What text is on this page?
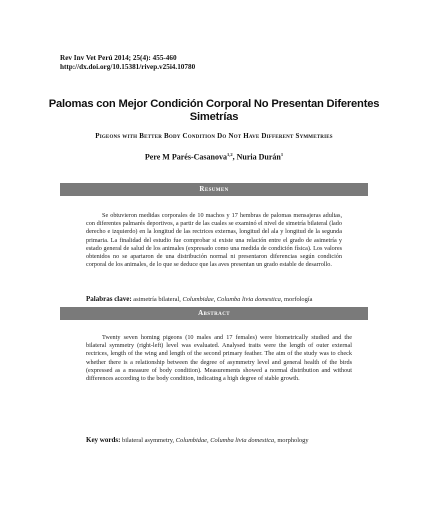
Rev Inv Vet Perú 2014; 25(4): 455-460
http://dx.doi.org/10.15381/rivep.v25i4.10780
Palomas con Mejor Condición Corporal No Presentan Diferentes Simetrías
Pigeons with Better Body Condition Do Not Have Different Symmetries
Pere M Parés-Casanova$^{1,2}$, Nuria Durán$^1$
Resumen
Se obtuvieron medidas corporales de 10 machos y 17 hembras de palomas mensajeras adultas, con diferentes palmarés deportivos, a partir de las cuales se examinó el nivel de simetría bilateral (lado derecho e izquierdo) en la longitud de las rectrices externas, longitud del ala y longitud de la segunda primaria. La finalidad del estudio fue comprobar si existe una relación entre el grado de asimetría y estado general de salud de los animales (expresado como una medida de condición física). Los valores obtenidos no se apartaron de una distribución normal ni presentaron diferencias según condición corporal de los animales, de lo que se deduce que las aves presentan un grado estable de desarrollo.
Palabras clave: asimetría bilateral, Columbidae, Columba livia domestica, morfología
Abstract
Twenty seven homing pigeons (10 males and 17 females) were biometrically studied and the bilateral symmetry (right-left) level was evaluated. Analysed traits were the length of outer external rectrices, length of the wing and length of the second primary feather. The aim of the study was to check whether there is a relationship between the degree of asymmetry level and general health of the birds (expressed as a measure of body condition). Measurements showed a normal distribution and without differences according to the body condition, indicating a high degree of stable growth.
Key words: bilateral asymmetry, Columbidae, Columba livia domestica, morphology
